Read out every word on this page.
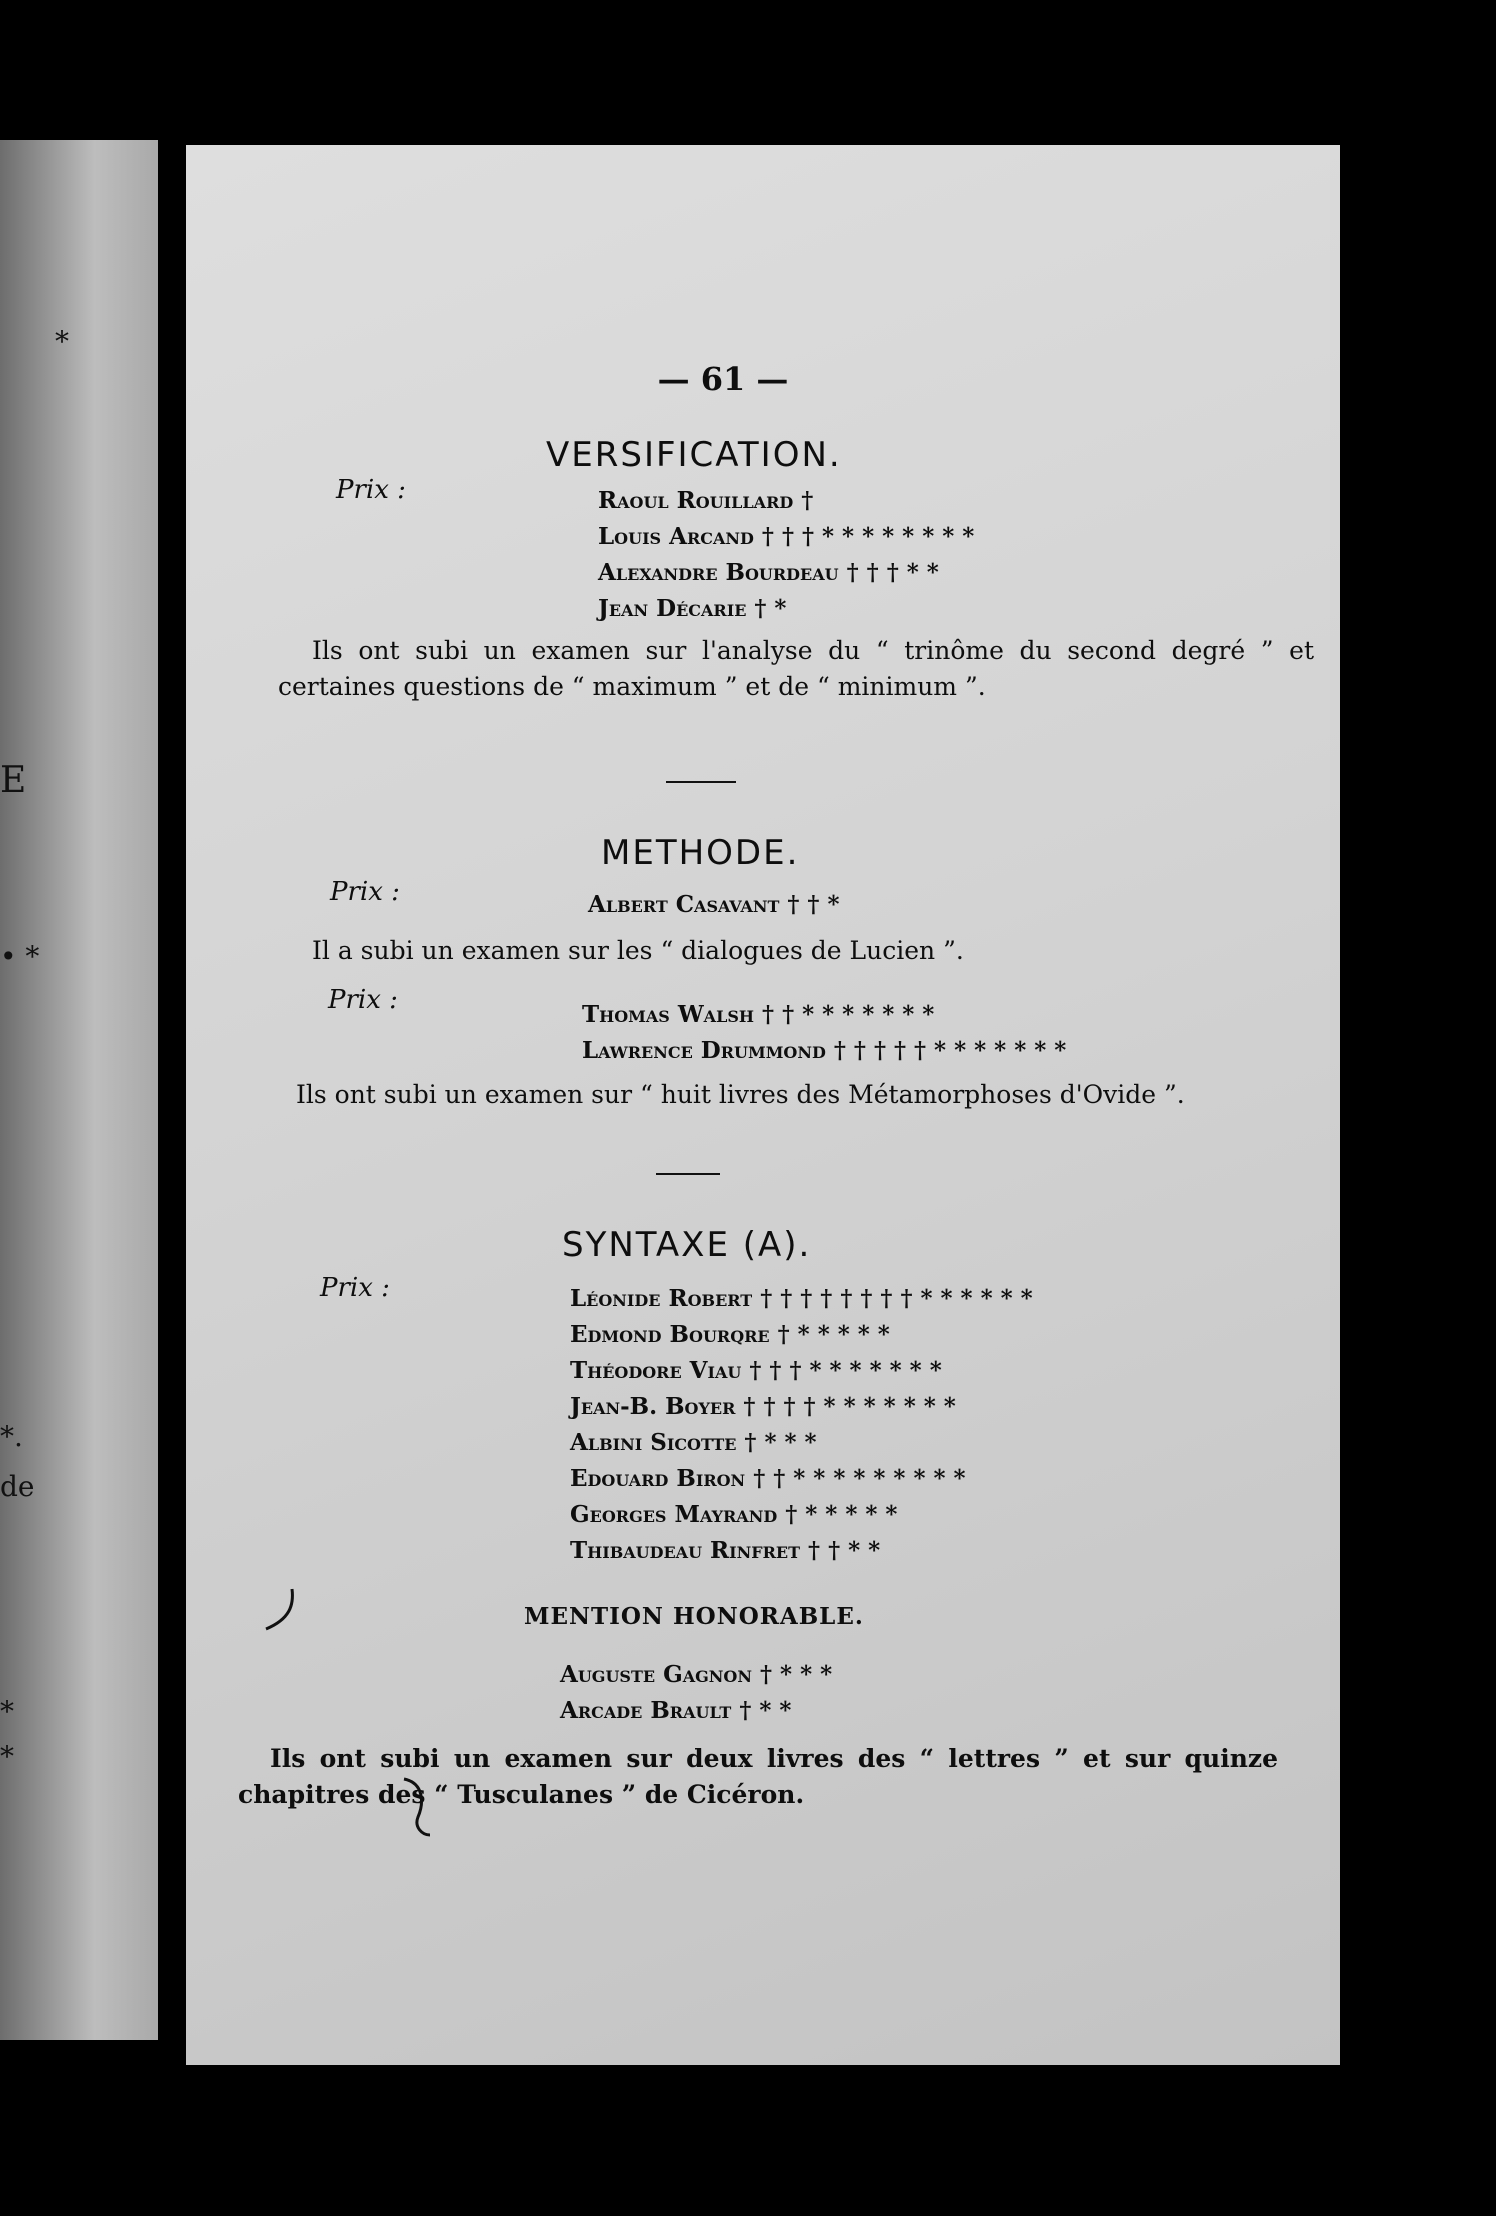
*
E
• *
*.
de
*
*
— 61 —
VERSIFICATION.
Prix :	Raoul Rouillard †
Louis Arcand † † † * * * * * * * *
Alexandre Bourdeau † † † * *
Jean Décarie † *
Ils ont subi un examen sur l'analyse du “ trinôme du second degré ” et certaines questions de “ maximum ” et de “ minimum ”.
METHODE.
Prix :	Albert Casavant † † *
Il a subi un examen sur les “ dialogues de Lucien ”.
Prix :	Thomas Walsh † † * * * * * * *
Lawrence Drummond † † † † † * * * * * * *
Ils ont subi un examen sur “ huit livres des Métamorphoses d'Ovide ”.
SYNTAXE (A).
Prix :	Léonide Robert † † † † † † † † * * * * * *
Edmond Bourqre † * * * * *
Théodore Viau † † † * * * * * * *
Jean-B. Boyer † † † † * * * * * * *
Albini Sicotte † * * *
Edouard Biron † † * * * * * * * * *
Georges Mayrand † * * * * *
Thibaudeau Rinfret † † * *
MENTION HONORABLE.
Auguste Gagnon † * * *
Arcade Brault † * *
Ils ont subi un examen sur deux livres des “ lettres ” et sur quinze chapitres des “ Tusculanes ” de Cicéron.
